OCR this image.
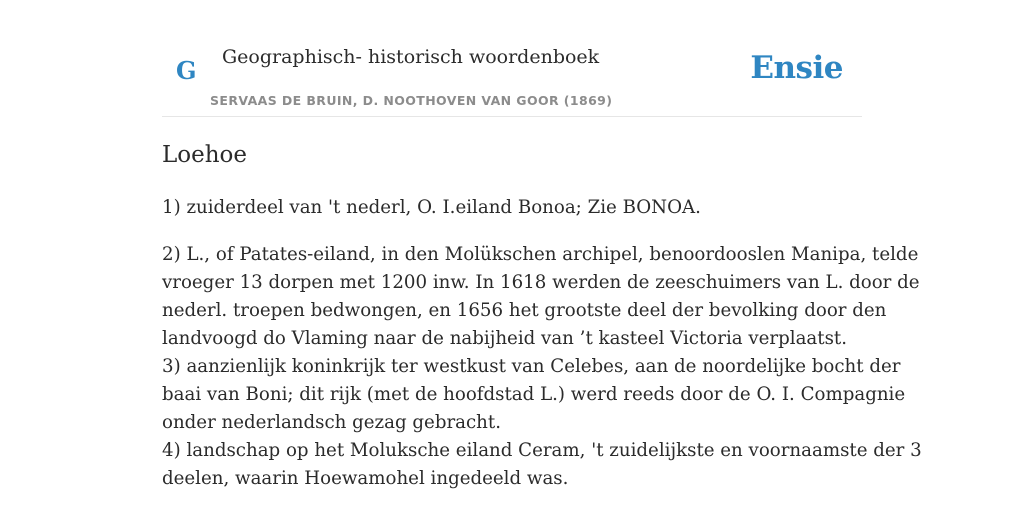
G Geographisch- historisch woordenboek
SERVAAS DE BRUIN, D. NOOTHOVEN VAN GOOR (1869)
Ensie
Loehoe

1) zuiderdeel van 't nederl, O. I.eiland Bonoa; Zie BONOA.

2) L., of Patates-eiland, in den Molükschen archipel, benoordooslen Manipa, telde
vroeger 13 dorpen met 1200 inw. In 1618 werden de zeeschuimers van L. door de
nederl. troepen bedwongen, en 1656 het grootste deel der bevolking door den
landvoogd do Vlaming naar de nabijheid van ’t kasteel Victoria verplaatst.
3) aanzienlijk koninkrijk ter westkust van Celebes, aan de noordelijke bocht der
baai van Boni; dit rijk (met de hoofdstad L.) werd reeds door de O. I. Compagnie
onder nederlandsch gezag gebracht.
4) landschap op het Moluksche eiland Ceram, 't zuidelijkste en voornaamste der 3
deelen, waarin Hoewamohel ingedeeld was.
